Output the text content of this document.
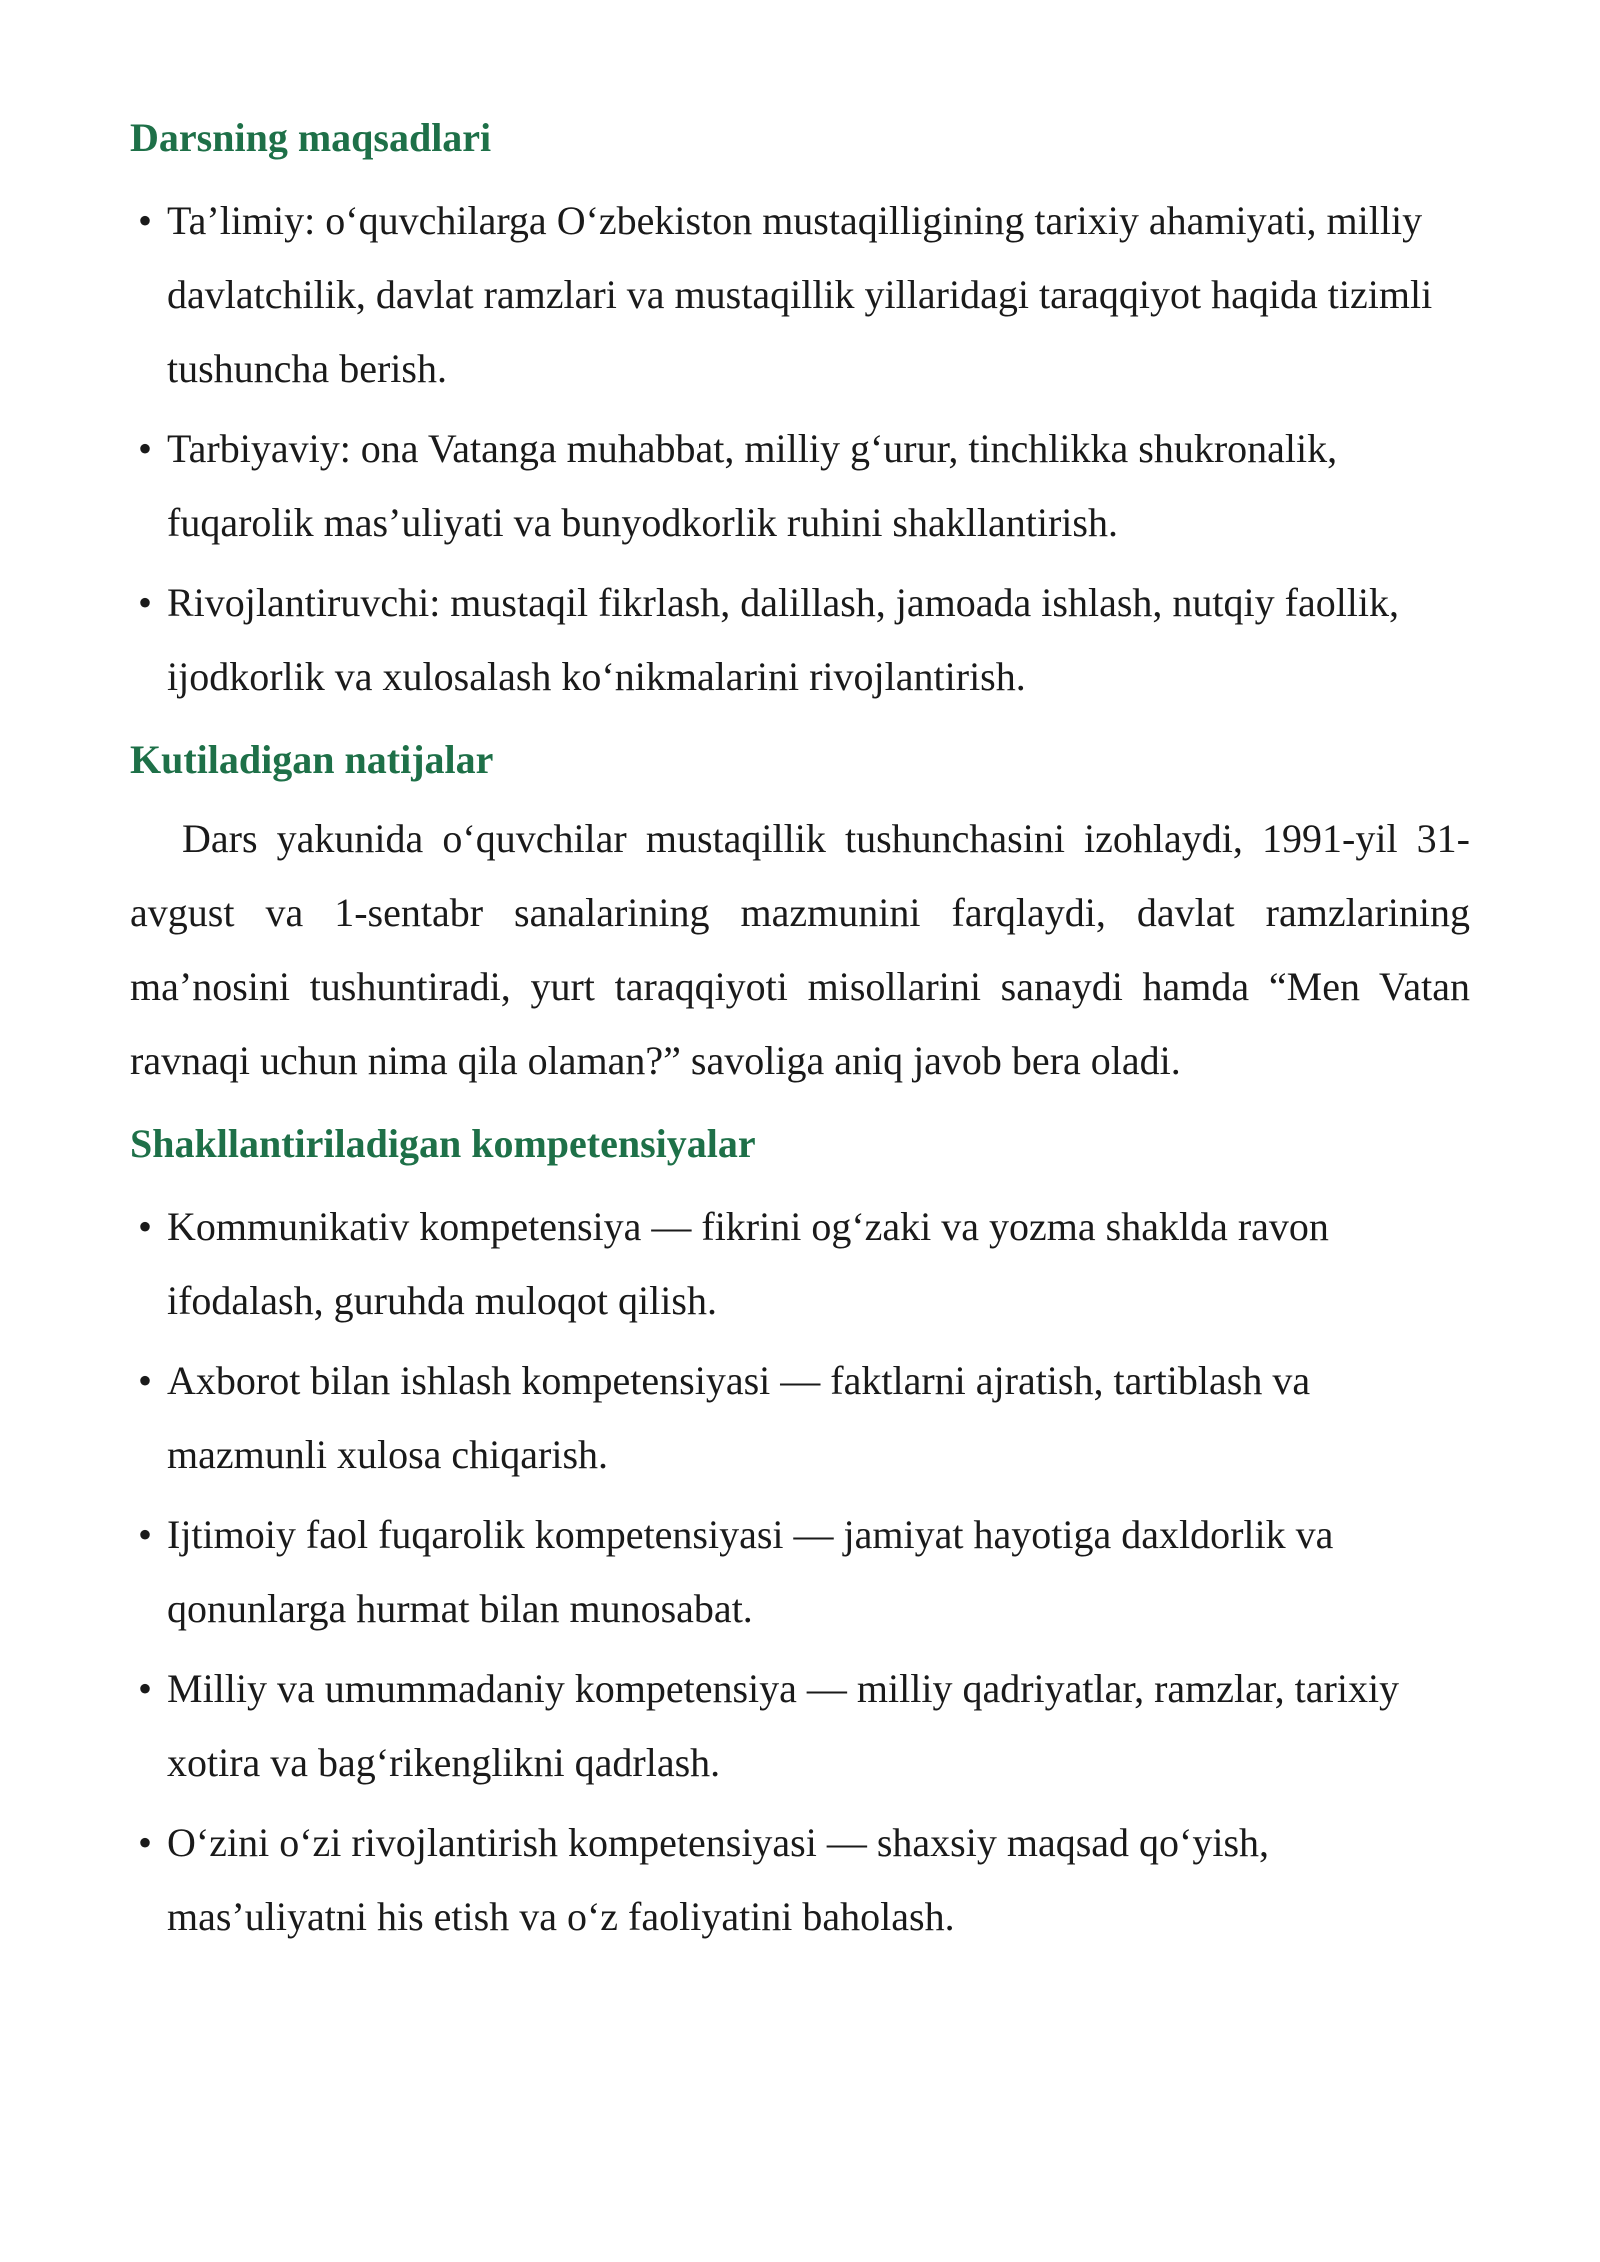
Darsning maqsadlari
• Ta’limiy: o‘quvchilarga O‘zbekiston mustaqilligining tarixiy ahamiyati, milliy davlatchilik, davlat ramzlari va mustaqillik yillaridagi taraqqiyot haqida tizimli tushuncha berish.
• Tarbiyaviy: ona Vatanga muhabbat, milliy g‘urur, tinchlikka shukronalik, fuqarolik mas’uliyati va bunyodkorlik ruhini shakllantirish.
• Rivojlantiruvchi: mustaqil fikrlash, dalillash, jamoada ishlash, nutqiy faollik, ijodkorlik va xulosalash ko‘nikmalarini rivojlantirish.
Kutiladigan natijalar

Dars yakunida o‘quvchilar mustaqillik tushunchasini izohlaydi, 1991-yil 31-avgust va 1-sentabr sanalarining mazmunini farqlaydi, davlat ramzlarining ma’nosini tushuntiradi, yurt taraqqiyoti misollarini sanaydi hamda “Men Vatan ravnaqi uchun nima qila olaman?” savoliga aniq javob bera oladi.

Shakllantiriladigan kompetensiyalar
• Kommunikativ kompetensiya — fikrini og‘zaki va yozma shaklda ravon ifodalash, guruhda muloqot qilish.
• Axborot bilan ishlash kompetensiyasi — faktlarni ajratish, tartiblash va mazmunli xulosa chiqarish.
• Ijtimoiy faol fuqarolik kompetensiyasi — jamiyat hayotiga daxldorlik va qonunlarga hurmat bilan munosabat.
• Milliy va umummadaniy kompetensiya — milliy qadriyatlar, ramzlar, tarixiy xotira va bag‘rikenglikni qadrlash.
• O‘zini o‘zi rivojlantirish kompetensiyasi — shaxsiy maqsad qo‘yish, mas’uliyatni his etish va o‘z faoliyatini baholash.
